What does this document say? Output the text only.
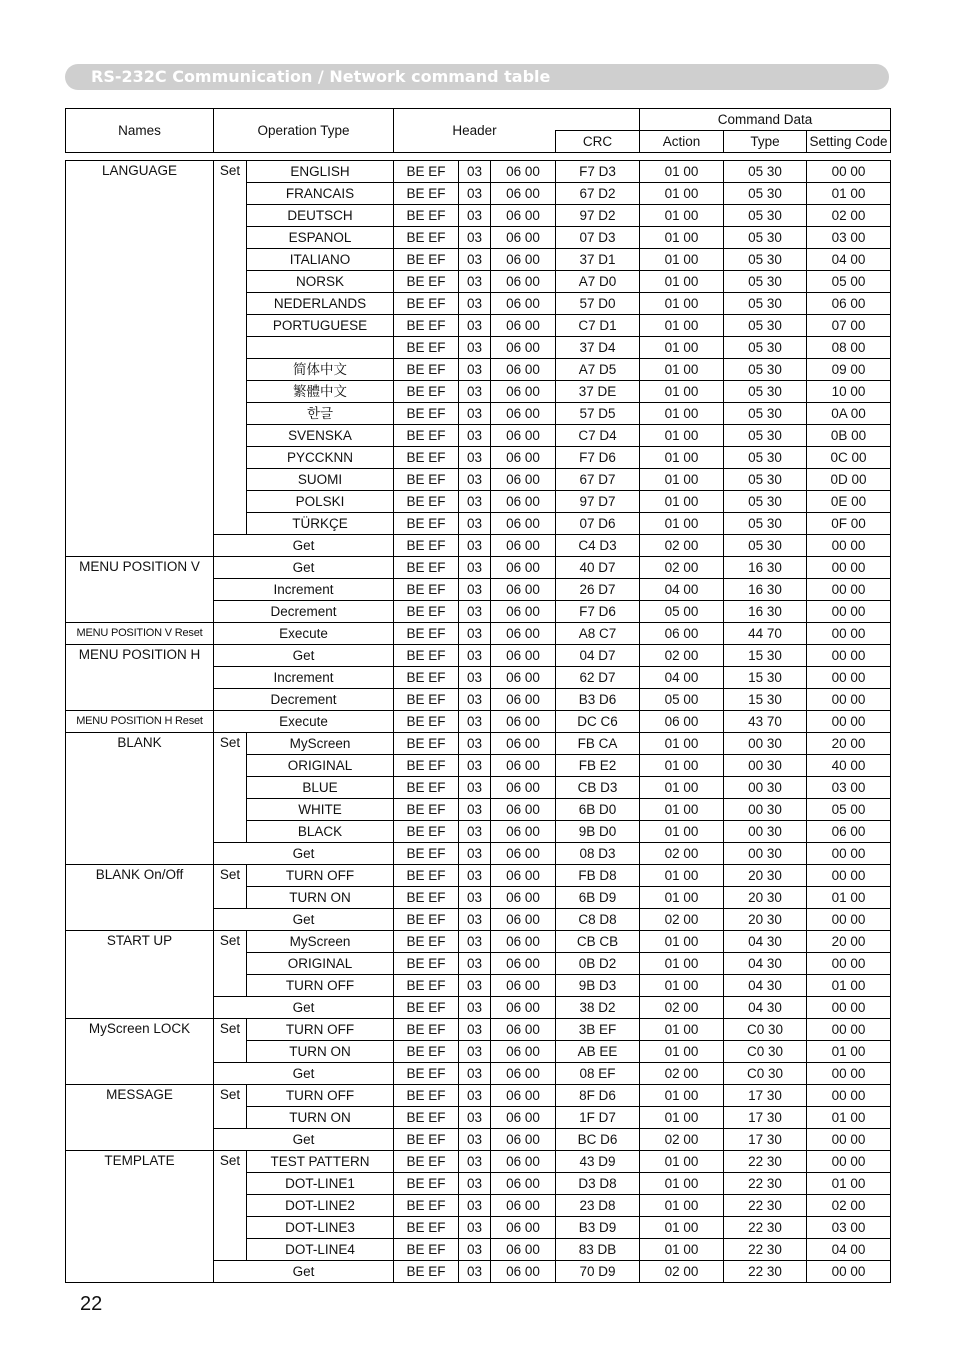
RS-232C Communication / Network command table
Names	Operation Type		Header				Command Data		
						CRC	Action	Type	Setting Code

LANGUAGE	Set	ENGLISH	BE EF	03	06 00	F7 D3	01 00	05 30	00 00
		FRANCAIS	BE EF	03	06 00	67 D2	01 00	05 30	01 00
		DEUTSCH	BE EF	03	06 00	97 D2	01 00	05 30	02 00
		ESPANOL	BE EF	03	06 00	07 D3	01 00	05 30	03 00
		ITALIANO	BE EF	03	06 00	37 D1	01 00	05 30	04 00
		NORSK	BE EF	03	06 00	A7 D0	01 00	05 30	05 00
		NEDERLANDS	BE EF	03	06 00	57 D0	01 00	05 30	06 00
		PORTUGUESE	BE EF	03	06 00	C7 D1	01 00	05 30	07 00
			BE EF	03	06 00	37 D4	01 00	05 30	08 00
		简体中文	BE EF	03	06 00	A7 D5	01 00	05 30	09 00
		繁體中文	BE EF	03	06 00	37 DE	01 00	05 30	10 00
		한글	BE EF	03	06 00	57 D5	01 00	05 30	0A 00
		SVENSKA	BE EF	03	06 00	C7 D4	01 00	05 30	0B 00
		PYCCKNN	BE EF	03	06 00	F7 D6	01 00	05 30	0C 00
		SUOMI	BE EF	03	06 00	67 D7	01 00	05 30	0D 00
		POLSKI	BE EF	03	06 00	97 D7	01 00	05 30	0E 00
		TÜRKÇE	BE EF	03	06 00	07 D6	01 00	05 30	0F 00
	Get		BE EF	03	06 00	C4 D3	02 00	05 30	00 00
MENU POSITION V	Get		BE EF	03	06 00	40 D7	02 00	16 30	00 00
	Increment		BE EF	03	06 00	26 D7	04 00	16 30	00 00
	Decrement		BE EF	03	06 00	F7 D6	05 00	16 30	00 00
MENU POSITION V Reset	Execute		BE EF	03	06 00	A8 C7	06 00	44 70	00 00
MENU POSITION H	Get		BE EF	03	06 00	04 D7	02 00	15 30	00 00
	Increment		BE EF	03	06 00	62 D7	04 00	15 30	00 00
	Decrement		BE EF	03	06 00	B3 D6	05 00	15 30	00 00
MENU POSITION H Reset	Execute		BE EF	03	06 00	DC C6	06 00	43 70	00 00
BLANK	Set	MyScreen	BE EF	03	06 00	FB CA	01 00	00 30	20 00
		ORIGINAL	BE EF	03	06 00	FB E2	01 00	00 30	40 00
		BLUE	BE EF	03	06 00	CB D3	01 00	00 30	03 00
		WHITE	BE EF	03	06 00	6B D0	01 00	00 30	05 00
		BLACK	BE EF	03	06 00	9B D0	01 00	00 30	06 00
	Get		BE EF	03	06 00	08 D3	02 00	00 30	00 00
BLANK On/Off	Set	TURN OFF	BE EF	03	06 00	FB D8	01 00	20 30	00 00
		TURN ON	BE EF	03	06 00	6B D9	01 00	20 30	01 00
	Get		BE EF	03	06 00	C8 D8	02 00	20 30	00 00
START UP	Set	MyScreen	BE EF	03	06 00	CB CB	01 00	04 30	20 00
		ORIGINAL	BE EF	03	06 00	0B D2	01 00	04 30	00 00
		TURN OFF	BE EF	03	06 00	9B D3	01 00	04 30	01 00
	Get		BE EF	03	06 00	38 D2	02 00	04 30	00 00
MyScreen LOCK	Set	TURN OFF	BE EF	03	06 00	3B EF	01 00	C0 30	00 00
		TURN ON	BE EF	03	06 00	AB EE	01 00	C0 30	01 00
	Get		BE EF	03	06 00	08 EF	02 00	C0 30	00 00
MESSAGE	Set	TURN OFF	BE EF	03	06 00	8F D6	01 00	17 30	00 00
		TURN ON	BE EF	03	06 00	1F D7	01 00	17 30	01 00
	Get		BE EF	03	06 00	BC D6	02 00	17 30	00 00
TEMPLATE	Set	TEST PATTERN	BE EF	03	06 00	43 D9	01 00	22 30	00 00
		DOT-LINE1	BE EF	03	06 00	D3 D8	01 00	22 30	01 00
		DOT-LINE2	BE EF	03	06 00	23 D8	01 00	22 30	02 00
		DOT-LINE3	BE EF	03	06 00	B3 D9	01 00	22 30	03 00
		DOT-LINE4	BE EF	03	06 00	83 DB	01 00	22 30	04 00
	Get		BE EF	03	06 00	70 D9	02 00	22 30	00 00
22
